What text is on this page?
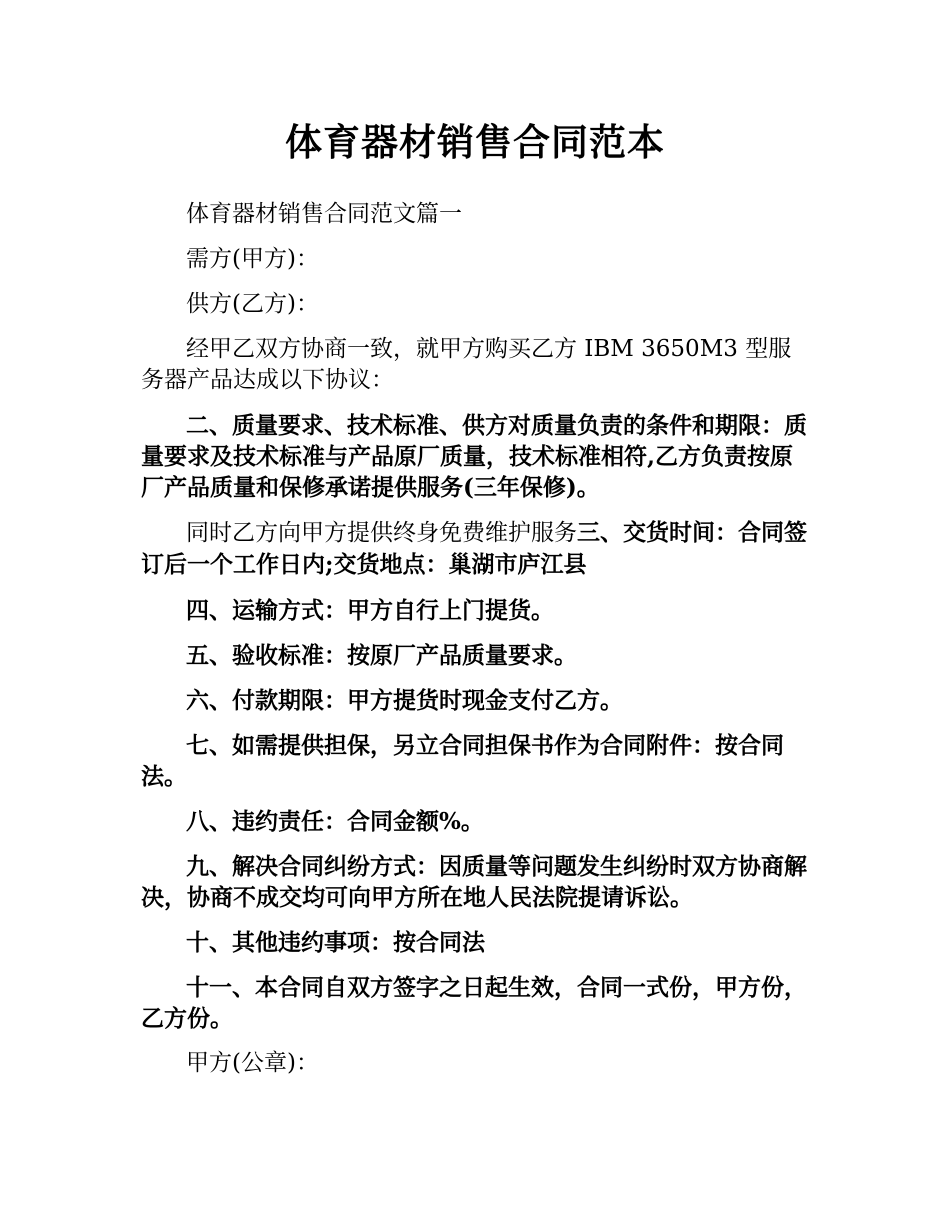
体育器材销售合同范本

体育器材销售合同范文篇一

需方(甲方)：

供方(乙方)：

经甲乙双方协商一致，就甲方购买乙方 IBM 3650M3 型服务器产品达成以下协议：

二、质量要求、技术标准、供方对质量负责的条件和期限：质量要求及技术标准与产品原厂质量，技术标准相符,乙方负责按原厂产品质量和保修承诺提供服务(三年保修)。

同时乙方向甲方提供终身免费维护服务三、交货时间：合同签订后一个工作日内;交货地点：巢湖市庐江县

四、运输方式：甲方自行上门提货。

五、验收标准：按原厂产品质量要求。

六、付款期限：甲方提货时现金支付乙方。

七、如需提供担保，另立合同担保书作为合同附件：按合同法。

八、违约责任：合同金额%。

九、解决合同纠纷方式：因质量等问题发生纠纷时双方协商解决，协商不成交均可向甲方所在地人民法院提请诉讼。

十、其他违约事项：按合同法

十一、本合同自双方签字之日起生效，合同一式份，甲方份，乙方份。

甲方(公章)：
